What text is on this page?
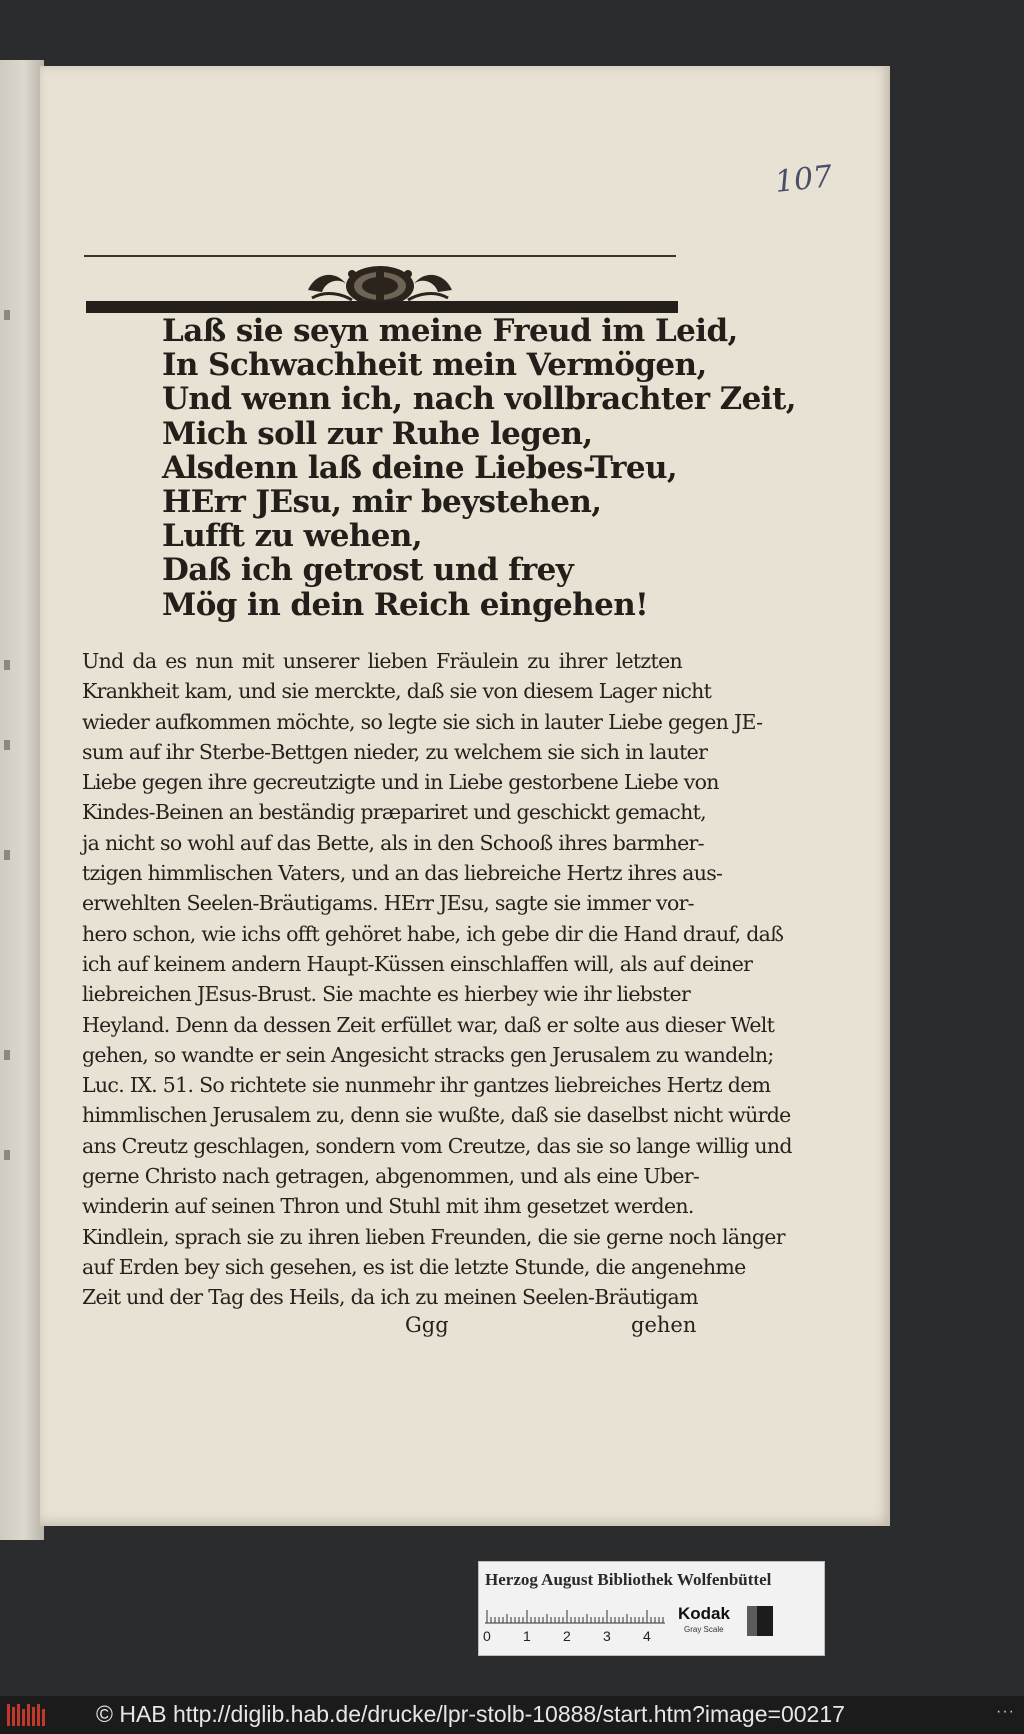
107
Laß sie seyn meine Freud im Leid,
In Schwachheit mein Vermögen,
Und wenn ich, nach vollbrachter Zeit,
Mich soll zur Ruhe legen,
Alsdenn laß deine Liebes-Treu,
HErr JEsu, mir beystehen,
Lufft zu wehen,
Daß ich getrost und frey
Mög in dein Reich eingehen!
Und da es nun mit unserer lieben Fräulein zu ihrer letzten
Krankheit kam, und sie merckte, daß sie von diesem Lager nicht
wieder aufkommen möchte, so legte sie sich in lauter Liebe gegen JE-
sum auf ihr Sterbe-Bettgen nieder, zu welchem sie sich in lauter
Liebe gegen ihre gecreutzigte und in Liebe gestorbene Liebe von
Kindes-Beinen an beständig præpariret und geschickt gemacht,
ja nicht so wohl auf das Bette, als in den Schooß ihres barmher-
tzigen himmlischen Vaters, und an das liebreiche Hertz ihres aus-
erwehlten Seelen-Bräutigams. HErr JEsu, sagte sie immer vor-
hero schon, wie ichs offt gehöret habe, ich gebe dir die Hand drauf, daß
ich auf keinem andern Haupt-Küssen einschlaffen will, als auf deiner
liebreichen JEsus-Brust. Sie machte es hierbey wie ihr liebster
Heyland. Denn da dessen Zeit erfüllet war, daß er solte aus dieser Welt
gehen, so wandte er sein Angesicht stracks gen Jerusalem zu wandeln;
Luc. IX. 51. So richtete sie nunmehr ihr gantzes liebreiches Hertz dem
himmlischen Jerusalem zu, denn sie wußte, daß sie daselbst nicht würde
ans Creutz geschlagen, sondern vom Creutze, das sie so lange willig und
gerne Christo nach getragen, abgenommen, und als eine Uber-
winderin auf seinen Thron und Stuhl mit ihm gesetzet werden.
Kindlein, sprach sie zu ihren lieben Freunden, die sie gerne noch länger
auf Erden bey sich gesehen, es ist die letzte Stunde, die angenehme
Zeit und der Tag des Heils, da ich zu meinen Seelen-Bräutigam
Ggg	gehen
Herzog August Bibliothek Wolfenbüttel
0 1 2 3 4
Kodak
Gray Scale
© HAB http://diglib.hab.de/drucke/lpr-stolb-10888/start.htm?image=00217	···
